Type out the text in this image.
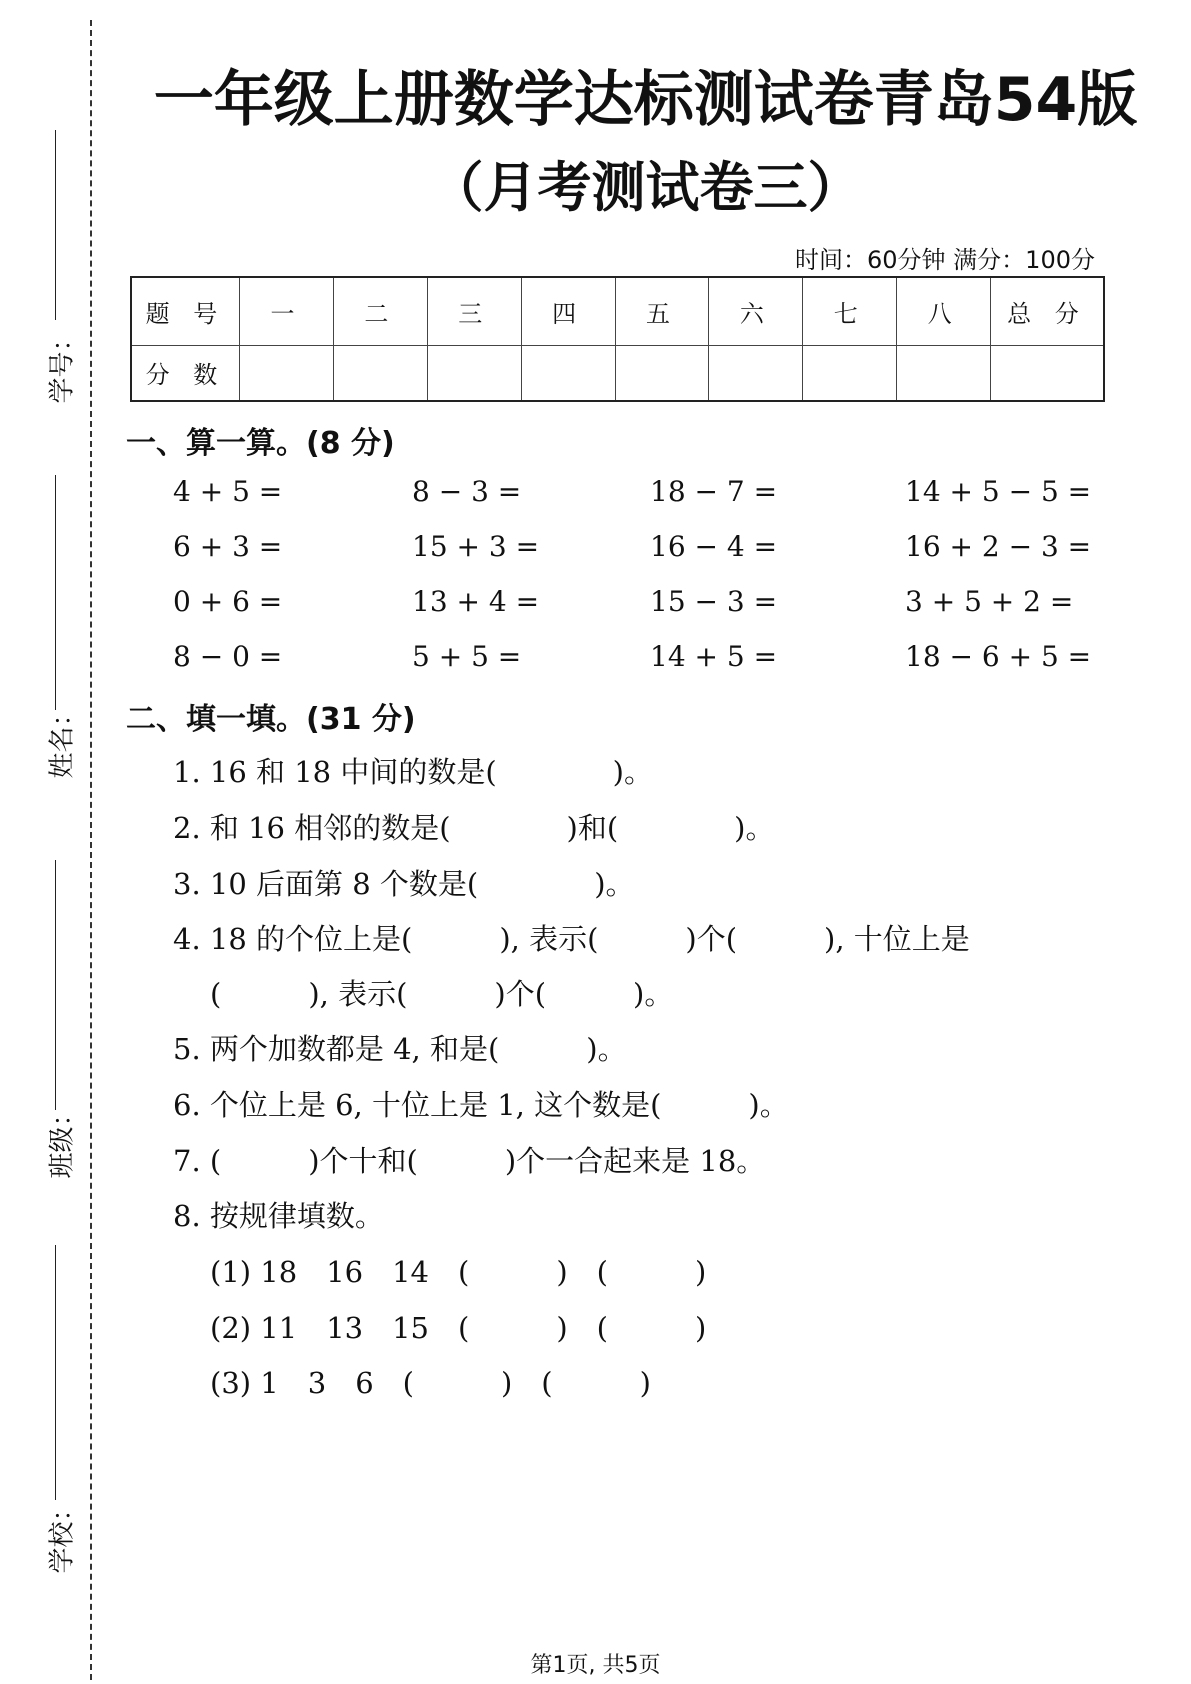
学号：
姓名：
班级：
学校：
一年级上册数学达标测试卷青岛54版
（月考测试卷三）
时间：60分钟 满分：100分
题 号	一	二	三	四	五	六	七	八	总 分
分 数									
一、算一算。(8 分)
4 + 5 =	8 − 3 =	18 − 7 =	14 + 5 − 5 =
6 + 3 =	15 + 3 =	16 − 4 =	16 + 2 − 3 =
0 + 6 =	13 + 4 =	15 − 3 =	3 + 5 + 2 =
8 − 0 =	5 + 5 =	14 + 5 =	18 − 6 + 5 =
二、填一填。(31 分)
1. 16 和 18 中间的数是(　　　　)。
2. 和 16 相邻的数是(　　　　)和(　　　　)。
3. 10 后面第 8 个数是(　　　　)。
4. 18 的个位上是(　　　), 表示(　　　)个(　　　), 十位上是
(　　　), 表示(　　　)个(　　　)。
5. 两个加数都是 4, 和是(　　　)。
6. 个位上是 6, 十位上是 1, 这个数是(　　　)。
7. (　　　)个十和(　　　)个一合起来是 18。
8. 按规律填数。
(1) 18　16　14　(　　　)　(　　　)
(2) 11　13　15　(　　　)　(　　　)
(3) 1　3　6　(　　　)　(　　　)
第1页, 共5页
